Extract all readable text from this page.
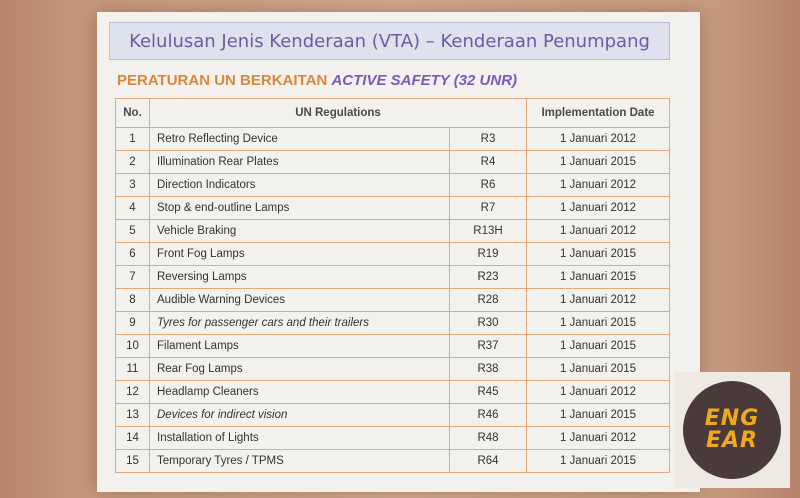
Kelulusan Jenis Kenderaan (VTA) – Kenderaan Penumpang
PERATURAN UN BERKAITAN ACTIVE SAFETY (32 UNR)
No.	UN Regulations		Implementation Date
1	Retro Reflecting Device	R3	1 Januari 2012
2	Illumination Rear Plates	R4	1 Januari 2015
3	Direction Indicators	R6	1 Januari 2012
4	Stop & end-outline Lamps	R7	1 Januari 2012
5	Vehicle Braking	R13H	1 Januari 2012
6	Front Fog Lamps	R19	1 Januari 2015
7	Reversing Lamps	R23	1 Januari 2015
8	Audible Warning Devices	R28	1 Januari 2012
9	Tyres for passenger cars and their trailers	R30	1 Januari 2015
10	Filament Lamps	R37	1 Januari 2015
11	Rear Fog Lamps	R38	1 Januari 2015
12	Headlamp Cleaners	R45	1 Januari 2012
13	Devices for indirect vision	R46	1 Januari 2015
14	Installation of Lights	R48	1 Januari 2012
15	Temporary Tyres / TPMS	R64	1 Januari 2015
ENG
EAR
